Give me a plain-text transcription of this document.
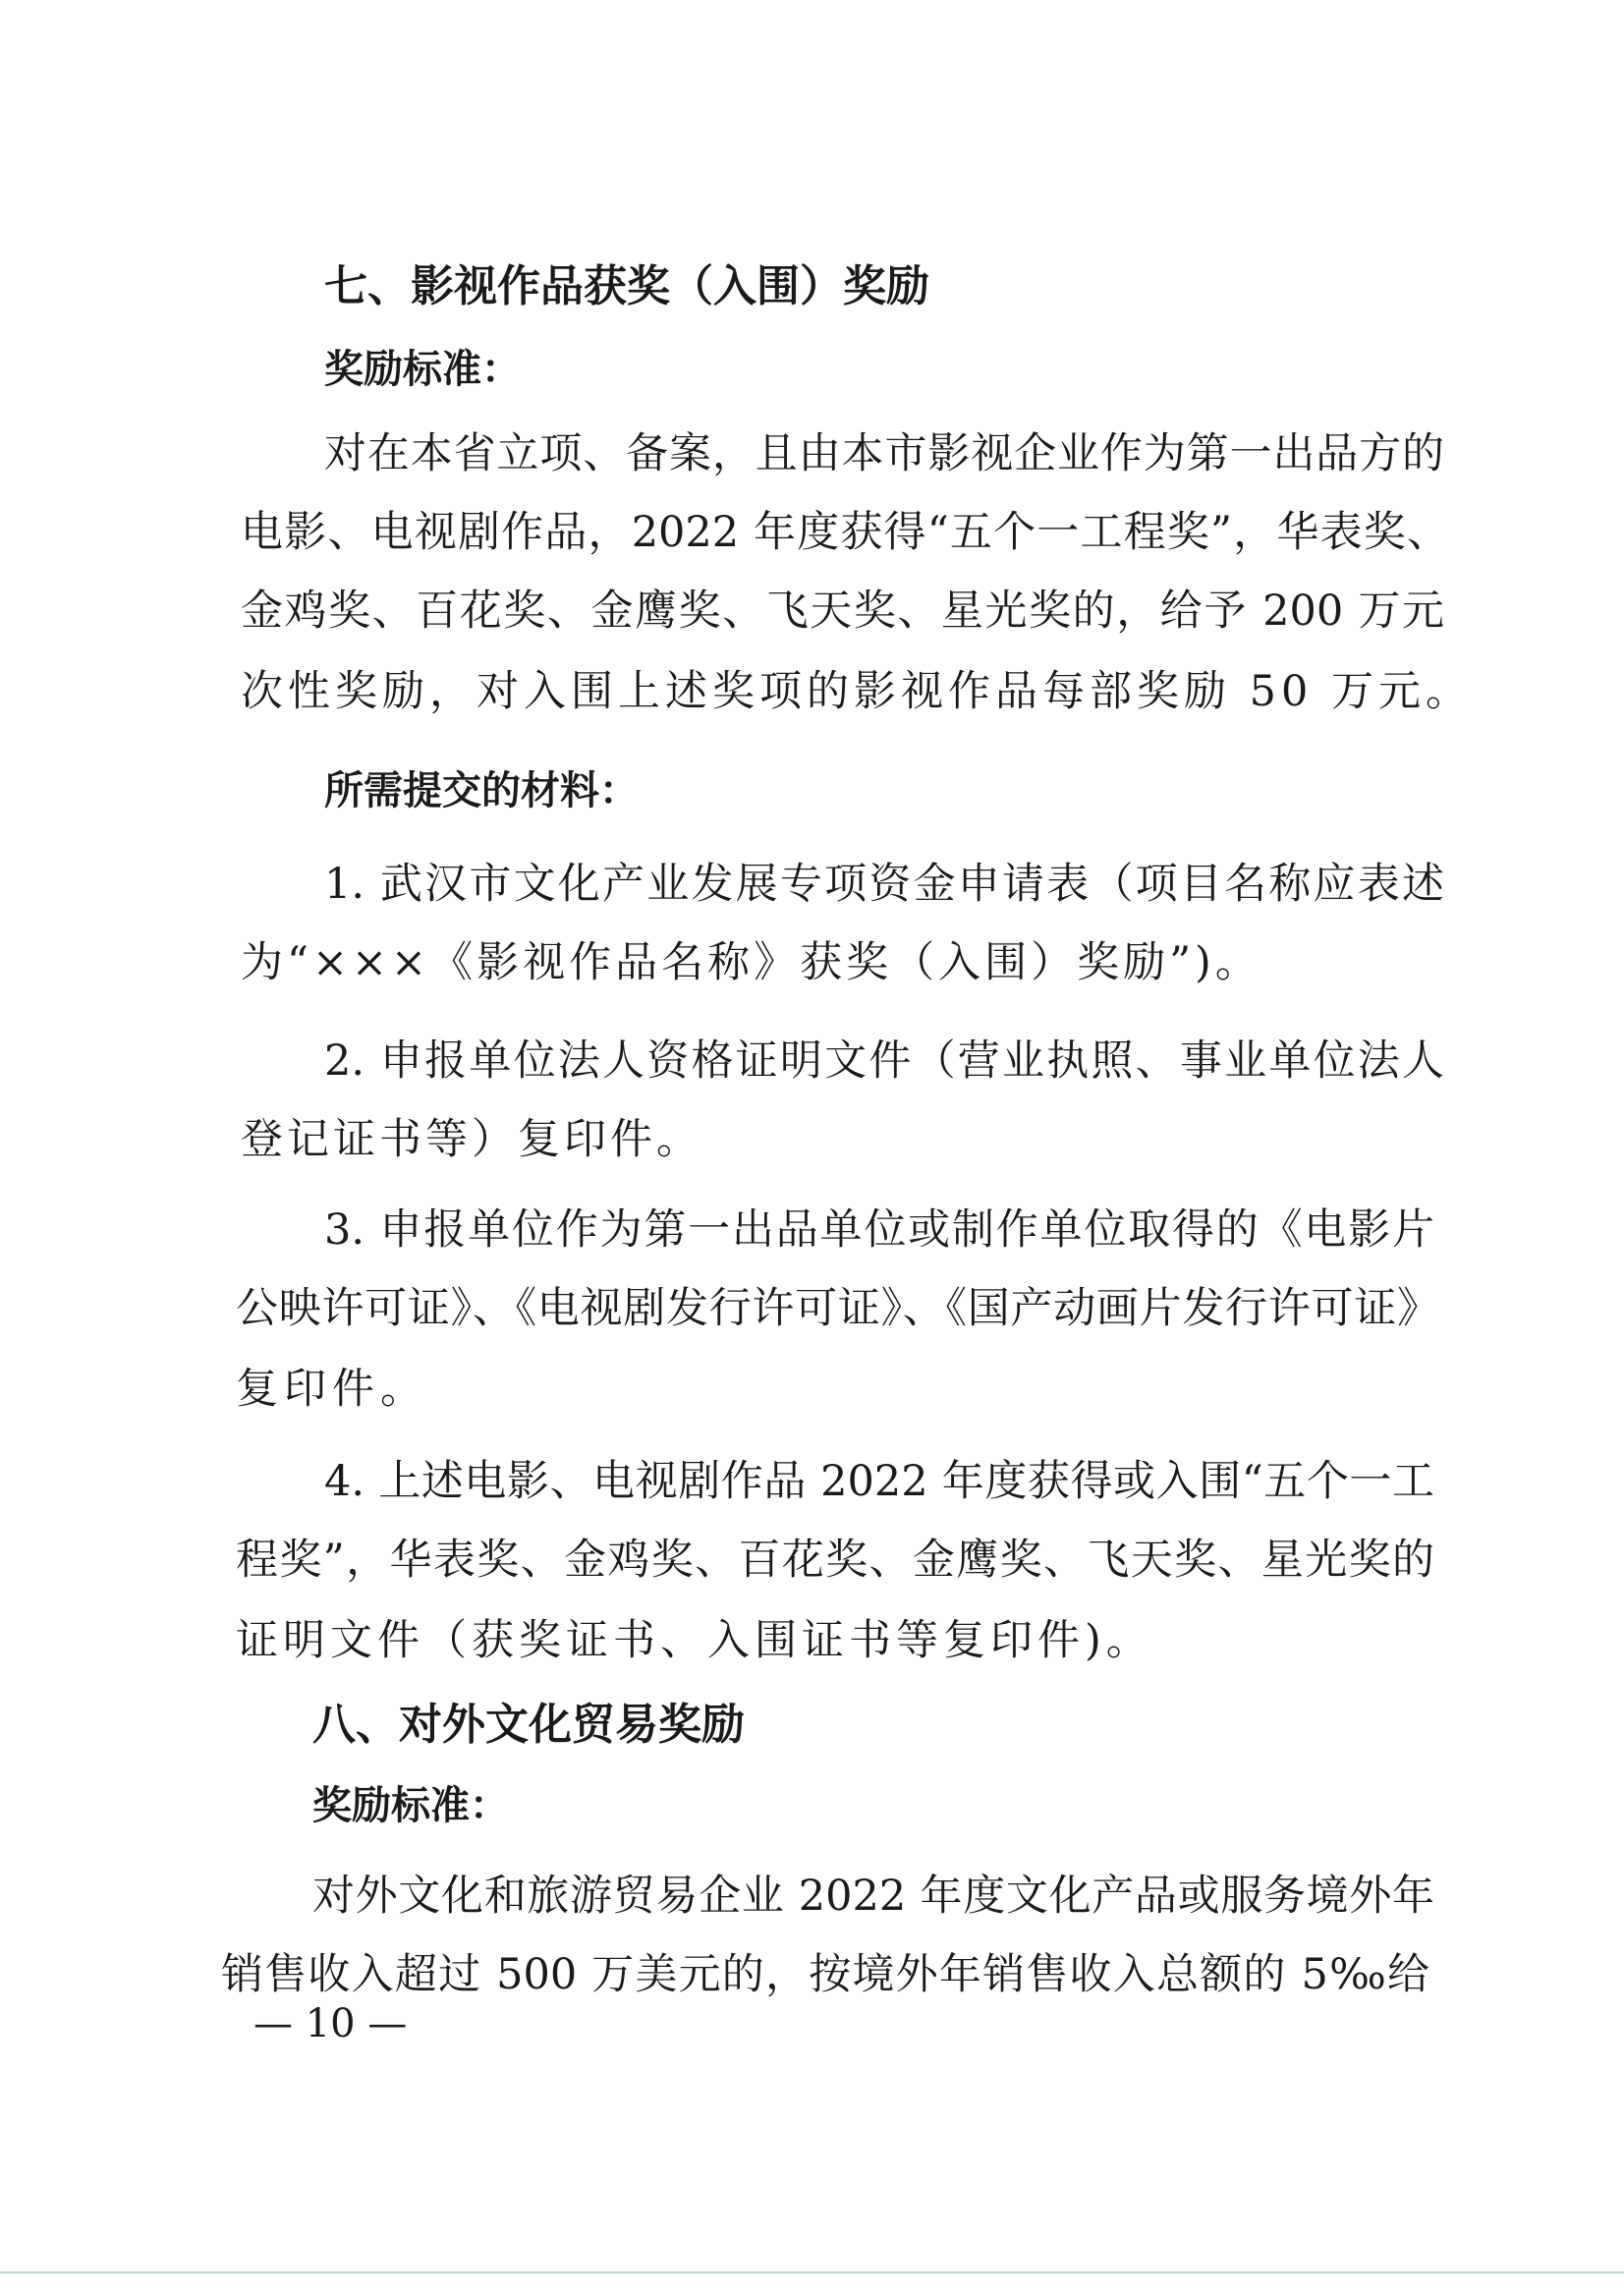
七、影视作品获奖（入围）奖励
奖励标准：
对在本省立项、备案，且由本市影视企业作为第一出品方的
电影、电视剧作品，2022 年度获得“五个一工程奖”，华表奖、
金鸡奖、百花奖、金鹰奖、飞天奖、星光奖的，给予 200 万元
次性奖励，对入围上述奖项的影视作品每部奖励 50 万元。
所需提交的材料：
1. 武汉市文化产业发展专项资金申请表（项目名称应表述
为“×××《影视作品名称》获奖（入围）奖励”)。
2. 申报单位法人资格证明文件（营业执照、事业单位法人
登记证书等）复印件。
3. 申报单位作为第一出品单位或制作单位取得的《电影片
公映许可证》、《电视剧发行许可证》、《国产动画片发行许可证》
复印件。
4. 上述电影、电视剧作品 2022 年度获得或入围“五个一工
程奖”，华表奖、金鸡奖、百花奖、金鹰奖、飞天奖、星光奖的
证明文件（获奖证书、入围证书等复印件)。
八、对外文化贸易奖励
奖励标准：
对外文化和旅游贸易企业 2022 年度文化产品或服务境外年
销售收入超过 500 万美元的，按境外年销售收入总额的 5‰给
— 10 —
